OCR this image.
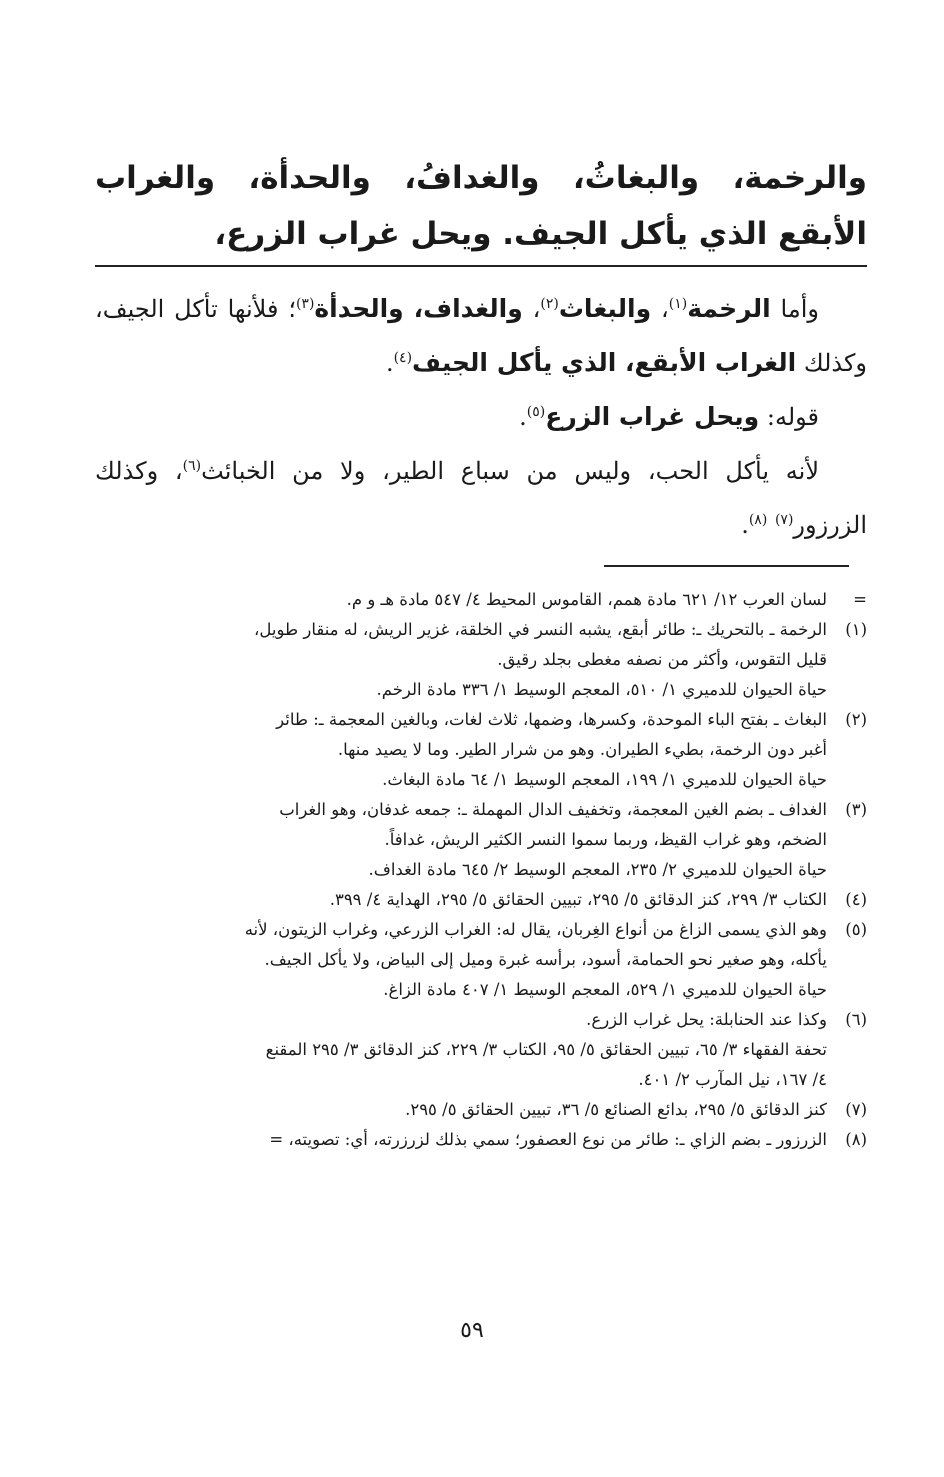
والرخمة، والبغاثُ، والغدافُ، والحدأة، والغراب الأبقع الذي يأكل الجيف. ويحل غراب الزرع،

وأما الرخمة$^{(١)}$، والبغاث$^{(٢)}$، والغداف، والحدأة$^{(٣)}$؛ فلأنها تأكل الجيف، وكذلك الغراب الأبقع، الذي يأكل الجيف$^{(٤)}$.

قوله: ويحل غراب الزرع$^{(٥)}$.

لأنه يأكل الحب، وليس من سباع الطير، ولا من الخبائث$^{(٦)}$، وكذلك الزرزور$^{(٧)}$ $^{(٨)}$.

=
لسان العرب ١٢/ ٦٢١ مادة همم، القاموس المحيط ٤/ ٥٤٧ مادة هـ و م.
(١)
الرخمة ـ بالتحريك ـ: طائر أبقع، يشبه النسر في الخلقة، غزير الريش، له منقار طويل،
قليل التقوس، وأكثر من نصفه مغطى بجلد رقيق.
حياة الحيوان للدميري ١/ ٥١٠، المعجم الوسيط ١/ ٣٣٦ مادة الرخم.
(٢)
البغاث ـ بفتح الباء الموحدة، وكسرها، وضمها، ثلاث لغات، وبالغين المعجمة ـ: طائر
أغبر دون الرخمة، بطيء الطيران. وهو من شرار الطير. وما لا يصيد منها.
حياة الحيوان للدميري ١/ ١٩٩، المعجم الوسيط ١/ ٦٤ مادة البغاث.
(٣)
الغداف ـ بضم الغين المعجمة، وتخفيف الدال المهملة ـ: جمعه غدفان، وهو الغراب
الضخم، وهو غراب القيظ، وربما سموا النسر الكثير الريش، غدافاً.
حياة الحيوان للدميري ٢/ ٢٣٥، المعجم الوسيط ٢/ ٦٤٥ مادة الغداف.
(٤)
الكتاب ٣/ ٢٩٩، كنز الدقائق ٥/ ٢٩٥، تبيين الحقائق ٥/ ٢٩٥، الهداية ٤/ ٣٩٩.
(٥)
وهو الذي يسمى الزاغ من أنواع الغِربان، يقال له: الغراب الزرعي، وغراب الزيتون، لأنه
يأكله، وهو صغير نحو الحمامة، أسود، برأسه غبرة وميل إلى البياض، ولا يأكل الجيف.
حياة الحيوان للدميري ١/ ٥٢٩، المعجم الوسيط ١/ ٤٠٧ مادة الزاغ.
(٦)
وكذا عند الحنابلة: يحل غراب الزرع.
تحفة الفقهاء ٣/ ٦٥، تبيين الحقائق ٥/ ٩٥، الكتاب ٣/ ٢٢٩، كنز الدقائق ٣/ ٢٩٥ المقنع
٤/ ١٦٧، نيل المآرب ٢/ ٤٠١.
(٧)
كنز الدقائق ٥/ ٢٩٥، بدائع الصنائع ٥/ ٣٦، تبيين الحقائق ٥/ ٢٩٥.
(٨)
الزرزور ـ بضم الزاي ـ: طائر من نوع العصفور؛ سمي بذلك لزرزرته، أي: تصويته، =
٥٩
